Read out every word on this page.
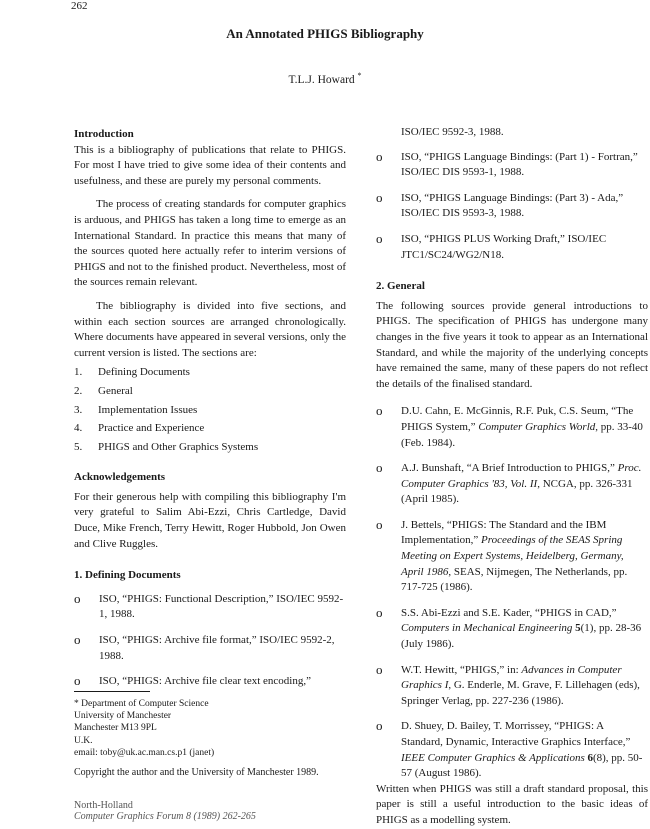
262
An Annotated PHIGS Bibliography
T.L.J. Howard *
Introduction

This is a bibliography of publications that relate to PHIGS. For most I have tried to give some idea of their contents and usefulness, and these are purely my personal comments.

The process of creating standards for computer graphics is arduous, and PHIGS has taken a long time to emerge as an International Standard. In practice this means that many of the sources quoted here actually refer to interim versions of PHIGS and not to the finished product. Nevertheless, most of the sources remain relevant.

The bibliography is divided into five sections, and within each section sources are arranged chronologically. Where documents have appeared in several versions, only the current version is listed. The sections are:

1.	Defining Documents
2.	General
3.	Implementation Issues
4.	Practice and Experience
5.	PHIGS and Other Graphics Systems
Acknowledgements

For their generous help with compiling this bibliography I'm very grateful to Salim Abi-Ezzi, Chris Cartledge, David Duce, Mike French, Terry Hewitt, Roger Hubbold, Jon Owen and Clive Ruggles.

1. Defining Documents
o	ISO, “PHIGS: Functional Description,” ISO/IEC 9592-1, 1988.
o	ISO, “PHIGS: Archive file format,” ISO/IEC 9592-2, 1988.
o	ISO, “PHIGS: Archive file clear text encoding,”
* Department of Computer Science
University of Manchester
Manchester M13 9PL
U.K.
email: toby@uk.ac.man.cs.p1 (janet)
Copyright the author and the University of Manchester 1989.
ISO/IEC 9592-3, 1988.
o	ISO, “PHIGS Language Bindings: (Part 1) - Fortran,” ISO/IEC DIS 9593-1, 1988.
o	ISO, “PHIGS Language Bindings: (Part 3) - Ada,” ISO/IEC DIS 9593-3, 1988.
o	ISO, “PHIGS PLUS Working Draft,” ISO/IEC JTC1/SC24/WG2/N18.
2. General

The following sources provide general introductions to PHIGS. The specification of PHIGS has undergone many changes in the five years it took to appear as an International Standard, and while the majority of the underlying concepts have remained the same, many of these papers do not reflect the details of the finalised standard.

o	D.U. Cahn, E. McGinnis, R.F. Puk, C.S. Seum, “The PHIGS System,” Computer Graphics World, pp. 33-40 (Feb. 1984).
o	A.J. Bunshaft, “A Brief Introduction to PHIGS,” Proc. Computer Graphics '83, Vol. II, NCGA, pp. 326-331 (April 1985).
o	J. Bettels, “PHIGS: The Standard and the IBM Implementation,” Proceedings of the SEAS Spring Meeting on Expert Systems, Heidelberg, Germany, April 1986, SEAS, Nijmegen, The Netherlands, pp. 717-725 (1986).
o	S.S. Abi-Ezzi and S.E. Kader, “PHIGS in CAD,” Computers in Mechanical Engineering 5(1), pp. 28-36 (July 1986).
o	W.T. Hewitt, “PHIGS,” in: Advances in Computer Graphics I, G. Enderle, M. Grave, F. Lillehagen (eds), Springer Verlag, pp. 227-236 (1986).
o	D. Shuey, D. Bailey, T. Morrissey, “PHIGS: A Standard, Dynamic, Interactive Graphics Interface,” IEEE Computer Graphics & Applications 6(8), pp. 50-57 (August 1986).

Written when PHIGS was still a draft standard proposal, this paper is still a useful introduction to the basic ideas of PHIGS as a modelling system.

North-Holland
Computer Graphics Forum 8 (1989) 262-265
